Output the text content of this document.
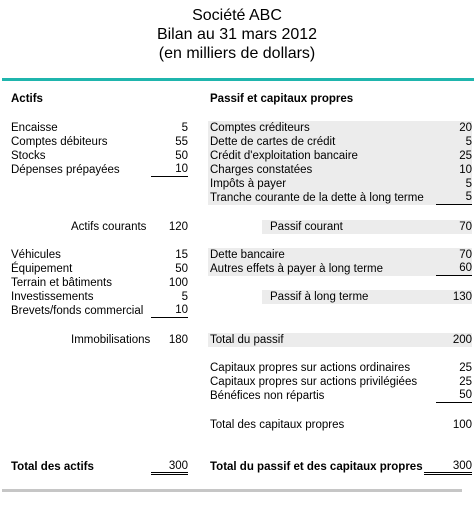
Société ABC
Bilan au 31 mars 2012
(en milliers de dollars)
Actifs	Passif et capitaux propres
Encaisse	5
Comptes débiteurs	55
Stocks	50
Dépenses prépayées	10
Actifs courants 120
Véhicules	15
Équipement	50
Terrain et bâtiments	100
Investissements	5
Brevets/fonds commercial	10
Immobilisations 180
Total des actifs	300
Comptes créditeurs	20
Dette de cartes de crédit	5
Crédit d'exploitation bancaire	25
Charges constatées	10
Impôts à payer	5
Tranche courante de la dette à long terme	5
Passif courant	70
Dette bancaire	70
Autres effets à payer à long terme	60
Passif à long terme	130
Total du passif	200
Capitaux propres sur actions ordinaires	25
Capitaux propres sur actions privilégiées	25
Bénéfices non répartis	50
Total des capitaux propres	100
Total du passif et des capitaux propres	300
